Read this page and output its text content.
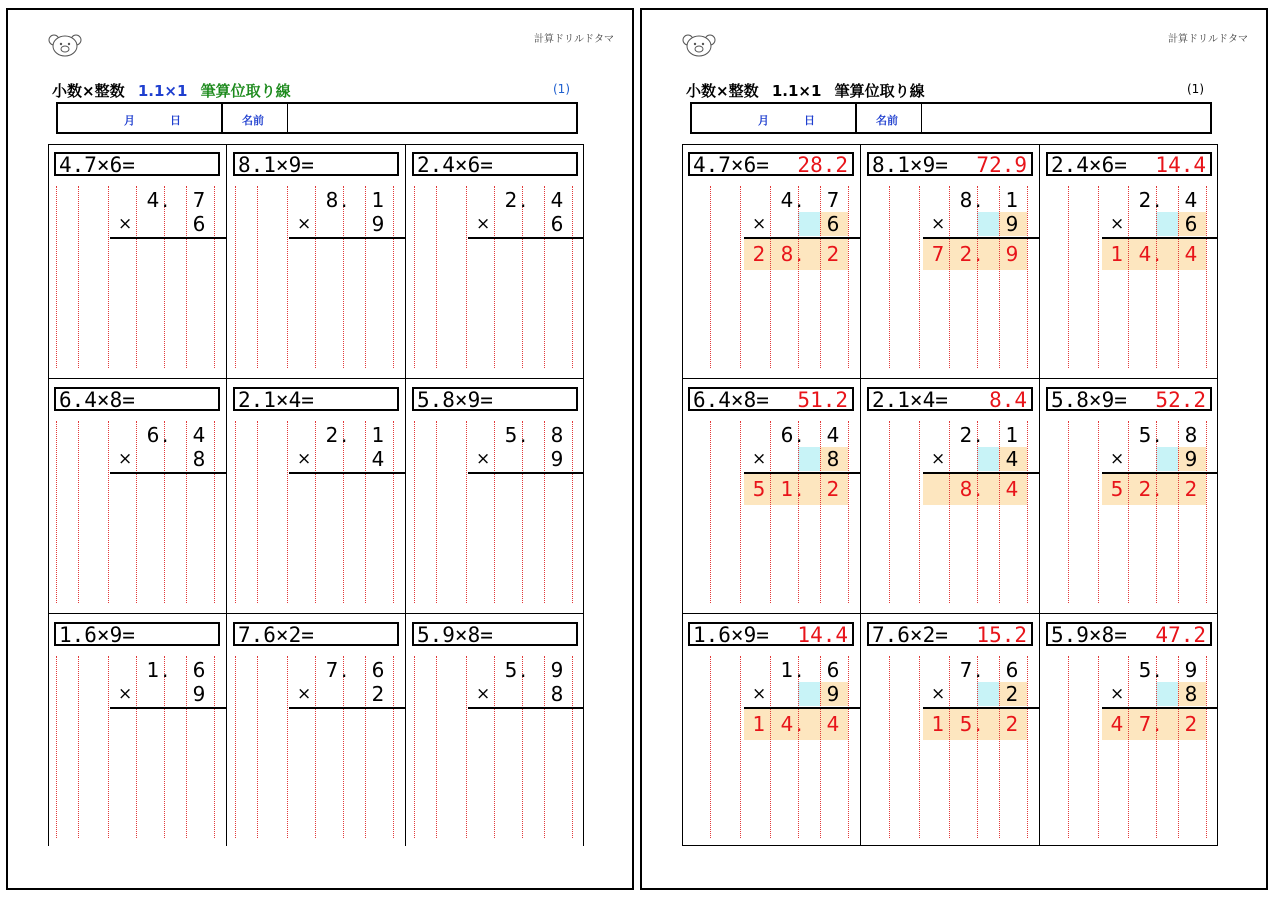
計算ドリルドタマ
小数×整数 1.1×1 筆算位取り線	(1)
月	日	名前
4.7×6=
4 . 7
×	6
8.1×9=
8 . 1
×	9
2.4×6=
2 . 4
×	6
6.4×8=
6 . 4
×	8
2.1×4=
2 . 1
×	4
5.8×9=
5 . 8
×	9
1.6×9=
1 . 6
×	9
7.6×2=
7 . 6
×	2
5.9×8=
5 . 9
×	8
計算ドリルドタマ
小数×整数 1.1×1 筆算位取り線	(1)
月	日	名前
4.7×6= 28.2
4 . 7
×	6
2 8 . 2
8.1×9= 72.9
8 . 1
×	9
7 2 . 9
2.4×6= 14.4
2 . 4
×	6
1 4 . 4
6.4×8= 51.2
6 . 4
×	8
5 1 . 2
2.1×4= 8.4
2 . 1
×	4
8 . 4
5.8×9= 52.2
5 . 8
×	9
5 2 . 2
1.6×9= 14.4
1 . 6
×	9
1 4 . 4
7.6×2= 15.2
7 . 6
×	2
1 5 . 2
5.9×8= 47.2
5 . 9
×	8
4 7 . 2
